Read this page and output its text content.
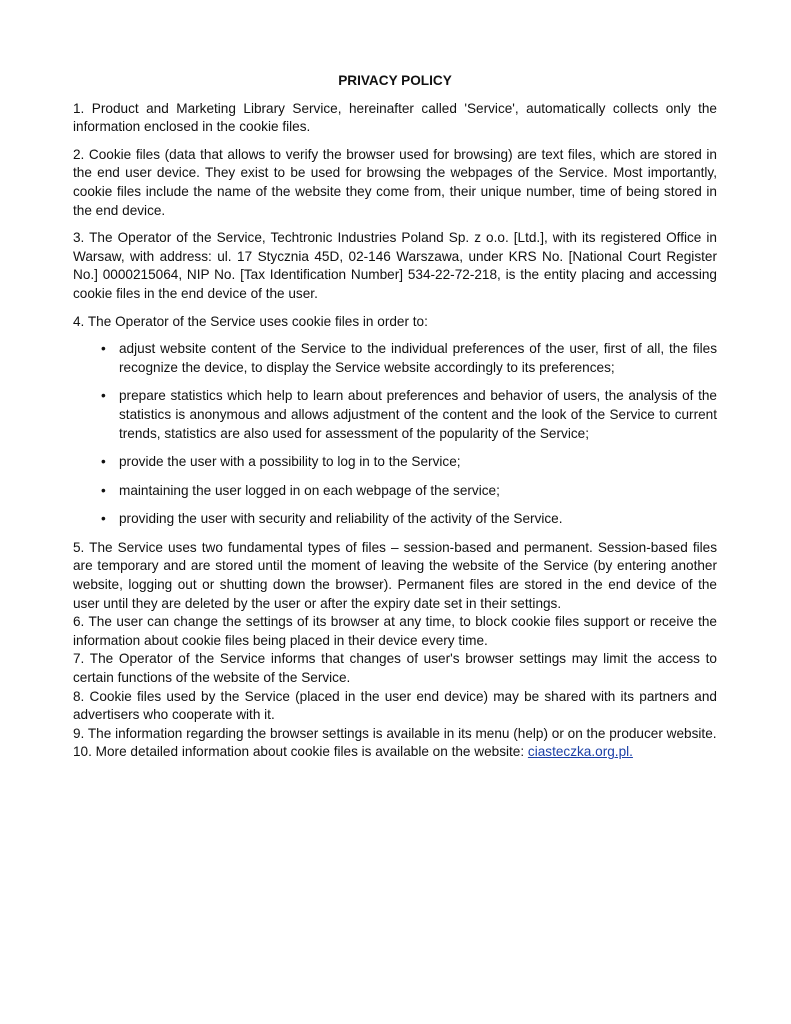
PRIVACY POLICY

1. Product and Marketing Library Service, hereinafter called 'Service', automatically collects only the information enclosed in the cookie files.

2. Cookie files (data that allows to verify the browser used for browsing) are text files, which are stored in the end user device. They exist to be used for browsing the webpages of the Service. Most importantly, cookie files include the name of the website they come from, their unique number, time of being stored in the end device.

3. The Operator of the Service, Techtronic Industries Poland Sp. z o.o. [Ltd.], with its registered Office in Warsaw, with address: ul. 17 Stycznia 45D, 02-146 Warszawa, under KRS No. [National Court Register No.] 0000215064, NIP No. [Tax Identification Number] 534-22-72-218, is the entity placing and accessing cookie files in the end device of the user.

4. The Operator of the Service uses cookie files in order to:

• adjust website content of the Service to the individual preferences of the user, first of all, the files recognize the device, to display the Service website accordingly to its preferences;
• prepare statistics which help to learn about preferences and behavior of users, the analysis of the statistics is anonymous and allows adjustment of the content and the look of the Service to current trends, statistics are also used for assessment of the popularity of the Service;
• provide the user with a possibility to log in to the Service;
• maintaining the user logged in on each webpage of the service;
• providing the user with security and reliability of the activity of the Service.

5. The Service uses two fundamental types of files – session-based and permanent. Session-based files are temporary and are stored until the moment of leaving the website of the Service (by entering another website, logging out or shutting down the browser). Permanent files are stored in the end device of the user until they are deleted by the user or after the expiry date set in their settings.

6. The user can change the settings of its browser at any time, to block cookie files support or receive the information about cookie files being placed in their device every time.

7. The Operator of the Service informs that changes of user's browser settings may limit the access to certain functions of the website of the Service.

8. Cookie files used by the Service (placed in the user end device) may be shared with its partners and advertisers who cooperate with it.

9. The information regarding the browser settings is available in its menu (help) or on the producer website.

10. More detailed information about cookie files is available on the website: ciasteczka.org.pl.
